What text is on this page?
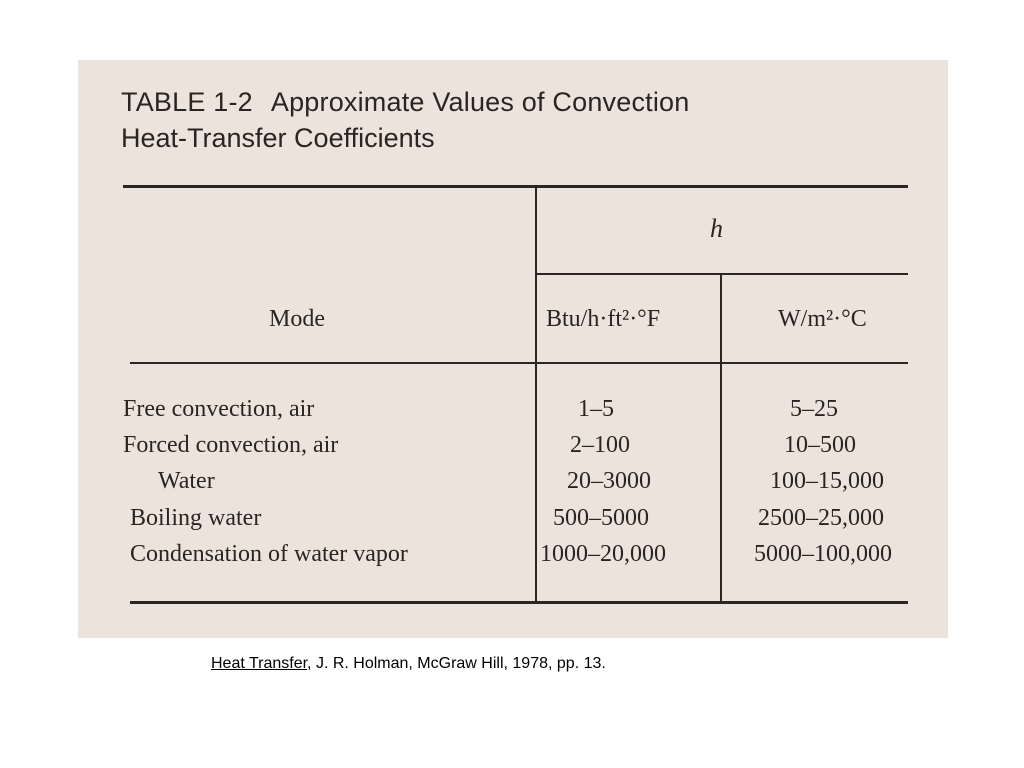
TABLE 1-2 Approximate Values of Convection
Heat-Transfer Coefficients
h
Mode	Btu/h·ft²·°F	W/m²·°C
Free convection, air	1–5	5–25
Forced convection, air	2–100	10–500
Water	20–3000	100–15,000
Boiling water	500–5000	2500–25,000
Condensation of water vapor	1000–20,000	5000–100,000
Heat Transfer, J. R. Holman, McGraw Hill, 1978, pp. 13.
